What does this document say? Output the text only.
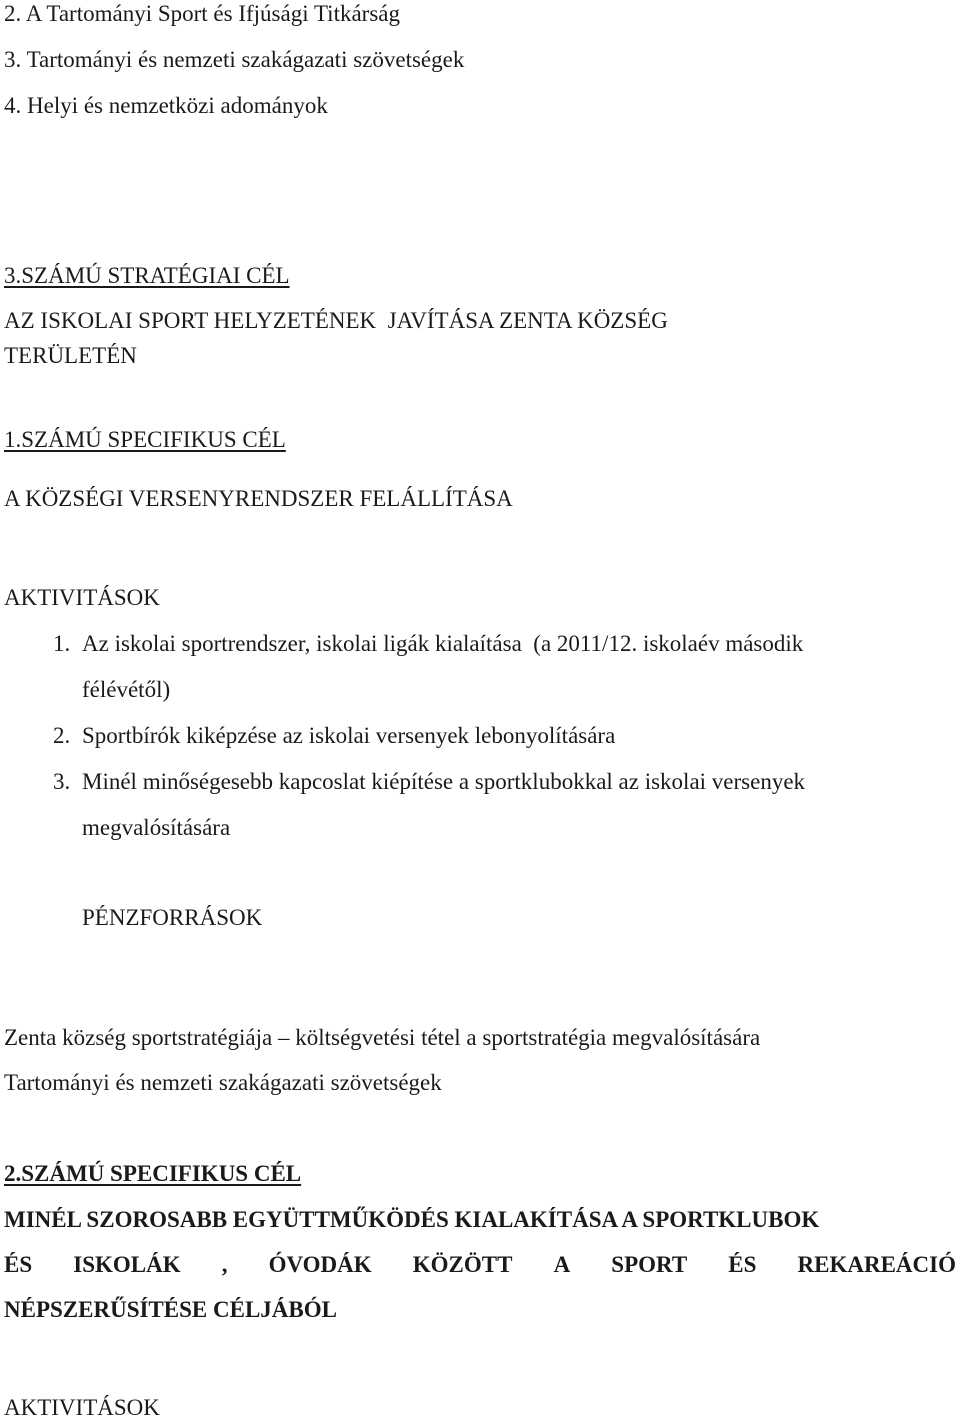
2. A Tartományi Sport és Ifjúsági Titkárság
3. Tartományi és nemzeti szakágazati szövetségek
4. Helyi és nemzetközi adományok
3.SZÁMÚ STRATÉGIAI CÉL
AZ ISKOLAI SPORT HELYZETÉNEK  JAVÍTÁSA ZENTA KÖZSÉG
TERÜLETÉN
1.SZÁMÚ SPECIFIKUS CÉL
A KÖZSÉGI VERSENYRENDSZER FELÁLLÍTÁSA
AKTIVITÁSOK
1. Az iskolai sportrendszer, iskolai ligák kialaítása  (a 2011/12. iskolaév második
félévétől)
2. Sportbírók kiképzése az iskolai versenyek lebonyolítására
3. Minél minőségesebb kapcoslat kiépítése a sportklubokkal az iskolai versenyek
megvalósítására
PÉNZFORRÁSOK
Zenta község sportstratégiája – költségvetési tétel a sportstratégia megvalósítására
Tartományi és nemzeti szakágazati szövetségek
2.SZÁMÚ SPECIFIKUS CÉL
MINÉL SZOROSABB EGYÜTTMŰKÖDÉS KIALAKÍTÁSA A SPORTKLUBOK
ÉS ISKOLÁK , ÓVODÁK KÖZÖTT A SPORT ÉS REKAREÁCIÓ
NÉPSZERŰSÍTÉSE CÉLJÁBÓL
AKTIVITÁSOK
